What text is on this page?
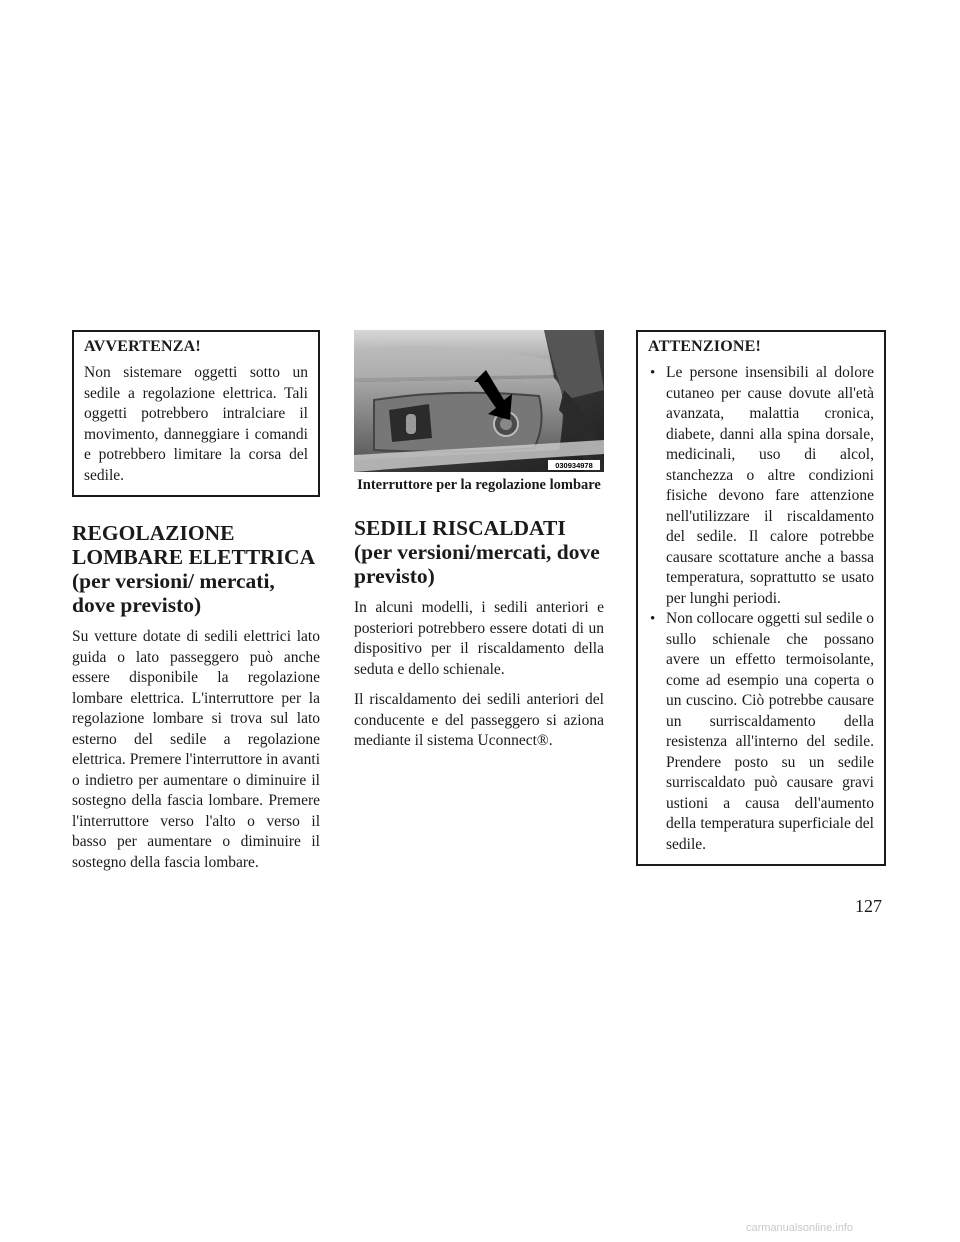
AVVERTENZA!

Non sistemare oggetti sotto un sedile a regolazione elettrica. Tali oggetti potrebbero intralciare il movimento, danneggiare i comandi e potrebbero limitare la corsa del sedile.

REGOLAZIONE LOMBARE ELETTRICA (per versioni/ mercati, dove previsto)

Su vetture dotate di sedili elettrici lato guida o lato passeggero può anche essere disponibile la regolazione lombare elettrica. L'interruttore per la regolazione lombare si trova sul lato esterno del sedile a regolazione elettrica. Premere l'interruttore in avanti o indietro per aumentare o diminuire il sostegno della fascia lombare. Premere l'interruttore verso l'alto o verso il basso per aumentare o diminuire il sostegno della fascia lombare.

030934978
Interruttore per la regolazione lombare
SEDILI RISCALDATI (per versioni/mercati, dove previsto)

In alcuni modelli, i sedili anteriori e posteriori potrebbero essere dotati di un dispositivo per il riscaldamento della seduta e dello schienale.

Il riscaldamento dei sedili anteriori del conducente e del passeggero si aziona mediante il sistema Uconnect®.

ATTENZIONE!
• Le persone insensibili al dolore cutaneo per cause dovute all'età avanzata, malattia cronica, diabete, danni alla spina dorsale, medicinali, uso di alcol, stanchezza o altre condizioni fisiche devono fare attenzione nell'utilizzare il riscaldamento del sedile. Il calore potrebbe causare scottature anche a bassa temperatura, soprattutto se usato per lunghi periodi.
• Non collocare oggetti sul sedile o sullo schienale che possano avere un effetto termoisolante, come ad esempio una coperta o un cuscino. Ciò potrebbe causare un surriscaldamento della resistenza all'interno del sedile. Prendere posto su un sedile surriscaldato può causare gravi ustioni a causa dell'aumento della temperatura superficiale del sedile.
127
carmanualsonline.info
